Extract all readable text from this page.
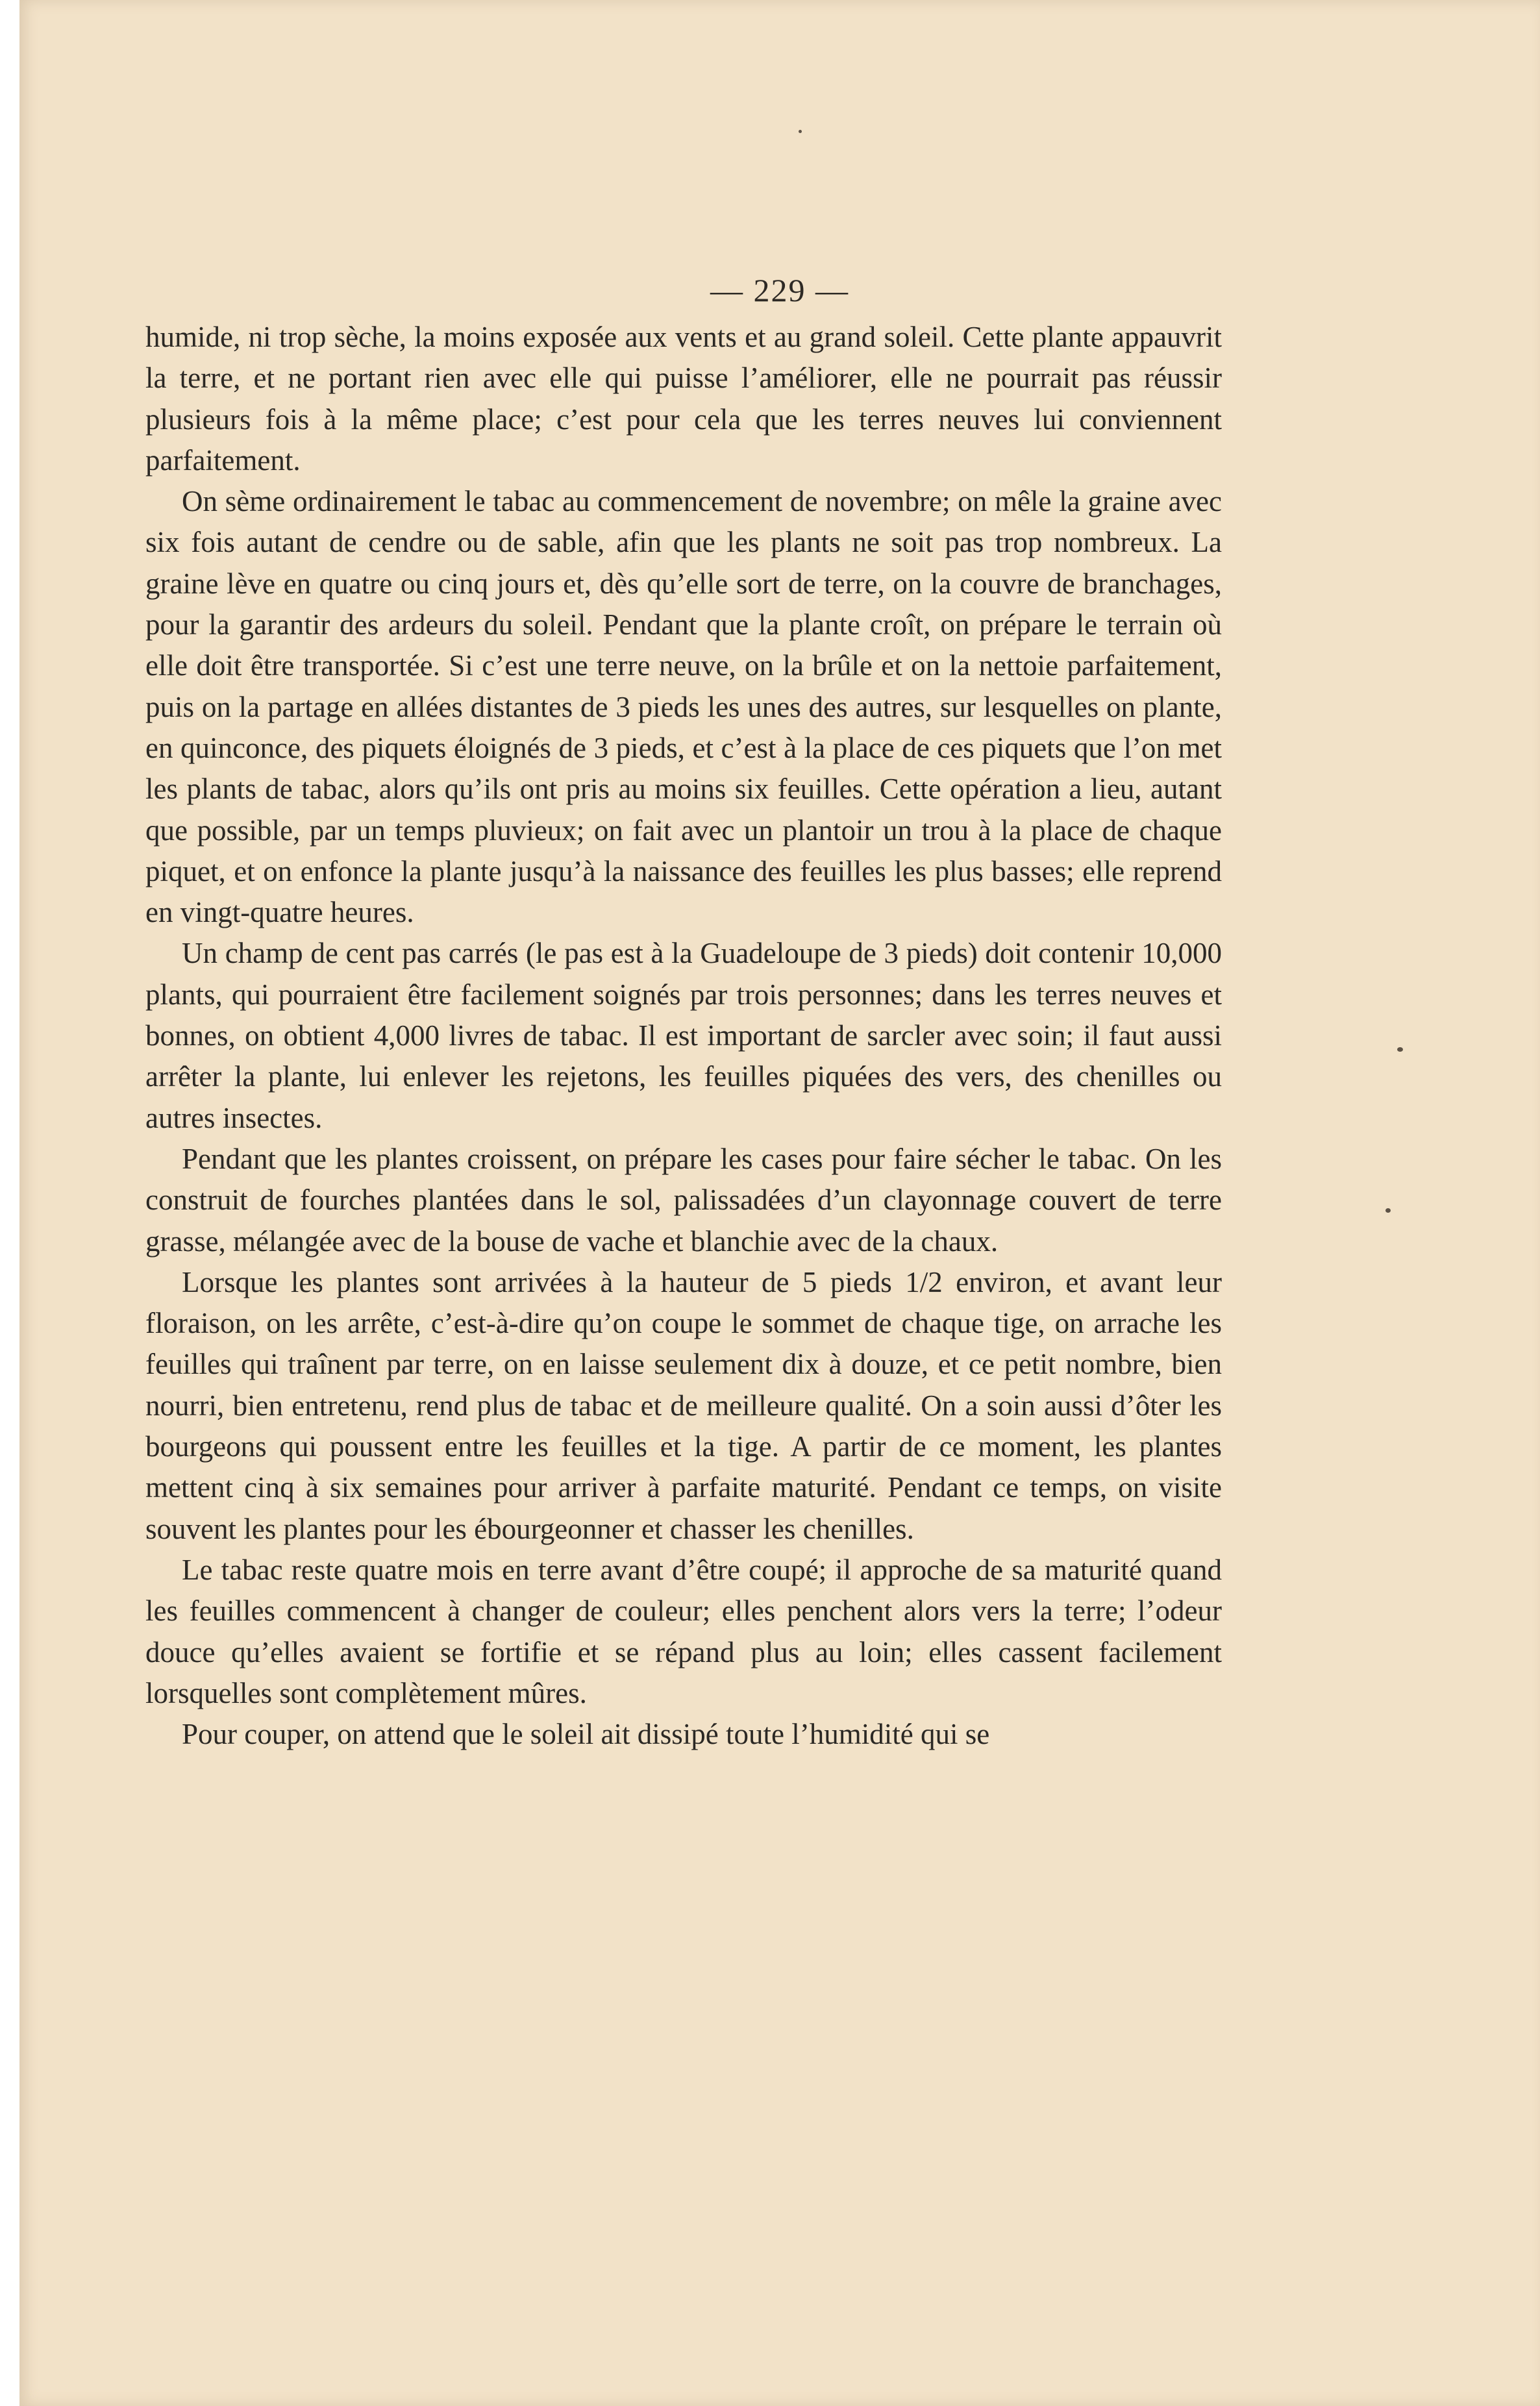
— 229 —

humide, ni trop sèche, la moins exposée aux vents et au grand soleil. Cette plante appauvrit la terre, et ne portant rien avec elle qui puisse l’améliorer, elle ne pourrait pas réussir plusieurs fois à la même place; c’est pour cela que les terres neuves lui conviennent parfaitement.

On sème ordinairement le tabac au commencement de novembre; on mêle la graine avec six fois autant de cendre ou de sable, afin que les plants ne soit pas trop nombreux. La graine lève en quatre ou cinq jours et, dès qu’elle sort de terre, on la couvre de branchages, pour la garantir des ardeurs du soleil. Pendant que la plante croît, on prépare le terrain où elle doit être transportée. Si c’est une terre neuve, on la brûle et on la nettoie parfaitement, puis on la partage en allées distantes de 3 pieds les unes des autres, sur lesquelles on plante, en quinconce, des piquets éloignés de 3 pieds, et c’est à la place de ces piquets que l’on met les plants de tabac, alors qu’ils ont pris au moins six feuilles. Cette opération a lieu, autant que possible, par un temps pluvieux; on fait avec un plantoir un trou à la place de chaque piquet, et on enfonce la plante jusqu’à la naissance des feuilles les plus basses; elle reprend en vingt-quatre heures.

Un champ de cent pas carrés (le pas est à la Guadeloupe de 3 pieds) doit contenir 10,000 plants, qui pourraient être facilement soignés par trois personnes; dans les terres neuves et bonnes, on obtient 4,000 livres de tabac. Il est important de sarcler avec soin; il faut aussi arrêter la plante, lui enlever les rejetons, les feuilles piquées des vers, des chenilles ou autres insectes.

Pendant que les plantes croissent, on prépare les cases pour faire sécher le tabac. On les construit de fourches plantées dans le sol, palissadées d’un clayonnage couvert de terre grasse, mélangée avec de la bouse de vache et blanchie avec de la chaux.

Lorsque les plantes sont arrivées à la hauteur de 5 pieds 1/2 environ, et avant leur floraison, on les arrête, c’est-à-dire qu’on coupe le sommet de chaque tige, on arrache les feuilles qui traînent par terre, on en laisse seulement dix à douze, et ce petit nombre, bien nourri, bien entretenu, rend plus de tabac et de meilleure qualité. On a soin aussi d’ôter les bourgeons qui poussent entre les feuilles et la tige. A partir de ce moment, les plantes mettent cinq à six semaines pour arriver à parfaite maturité. Pendant ce temps, on visite souvent les plantes pour les ébourgeonner et chasser les chenilles.

Le tabac reste quatre mois en terre avant d’être coupé; il approche de sa maturité quand les feuilles commencent à changer de couleur; elles penchent alors vers la terre; l’odeur douce qu’elles avaient se fortifie et se répand plus au loin; elles cassent facilement lorsquelles sont complètement mûres.

Pour couper, on attend que le soleil ait dissipé toute l’humidité qui se
